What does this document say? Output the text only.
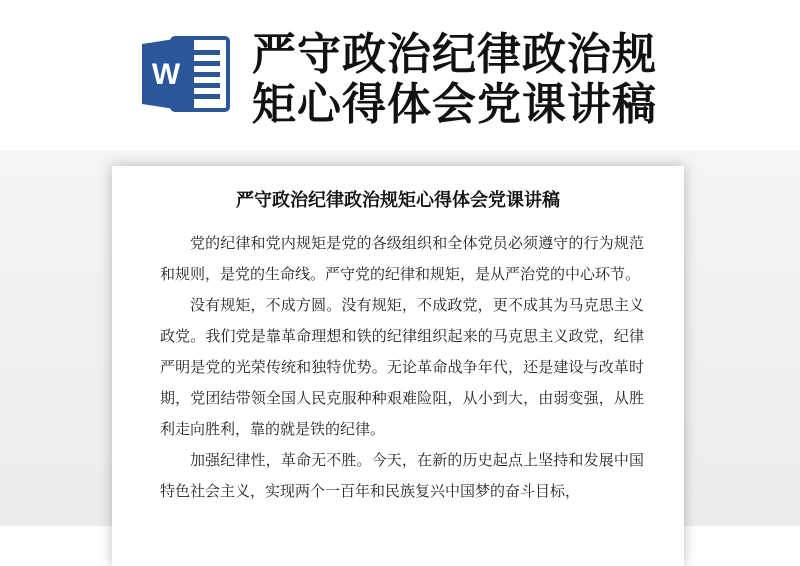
W 严守政治纪律政治规矩心得体会党课讲稿
严守政治纪律政治规矩心得体会党课讲稿

党的纪律和党内规矩是党的各级组织和全体党员必须遵守的行为规范和规则，是党的生命线。严守党的纪律和规矩，是从严治党的中心环节。

没有规矩，不成方圆。没有规矩，不成政党，更不成其为马克思主义政党。我们党是靠革命理想和铁的纪律组织起来的马克思主义政党，纪律严明是党的光荣传统和独特优势。无论革命战争年代，还是建设与改革时期，党团结带领全国人民克服种种艰难险阻，从小到大，由弱变强，从胜利走向胜利，靠的就是铁的纪律。

加强纪律性，革命无不胜。今天，在新的历史起点上坚持和发展中国特色社会主义，实现两个一百年和民族复兴中国梦的奋斗目标，
